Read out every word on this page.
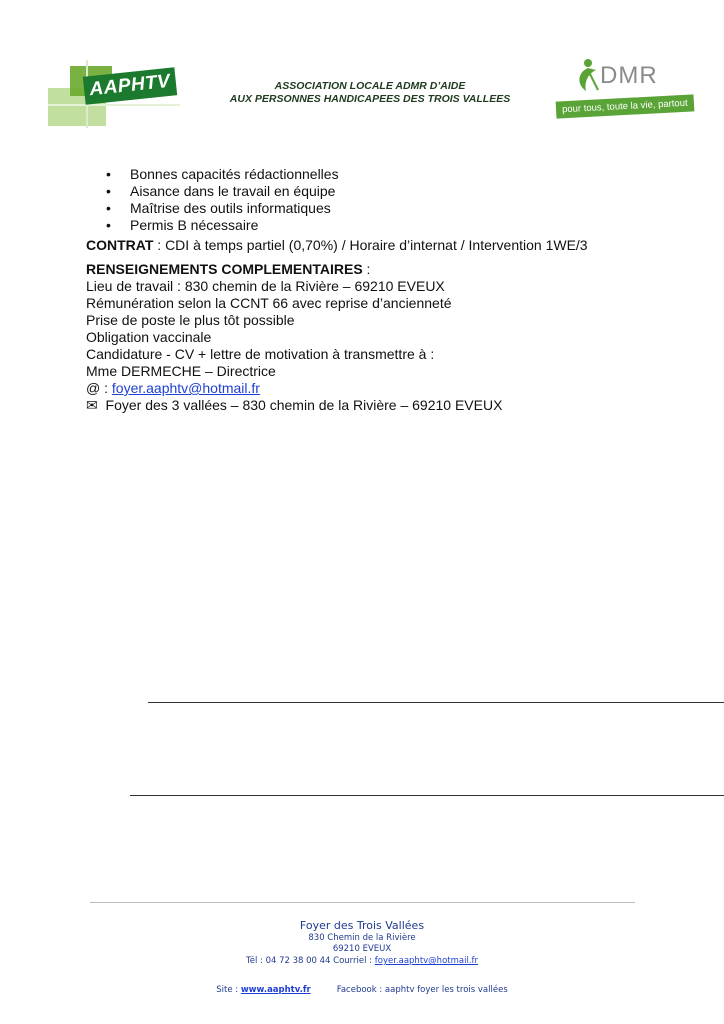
AAPHTV	ASSOCIATION LOCALE ADMR D’AIDE
AUX PERSONNES HANDICAPEES DES TROIS VALLEES
DMR
pour tous, toute la vie, partout
• Bonnes capacités rédactionnelles
• Aisance dans le travail en équipe
• Maîtrise des outils informatiques
• Permis B nécessaire
CONTRAT : CDI à temps partiel (0,70%) / Horaire d’internat / Intervention 1WE/3
RENSEIGNEMENTS COMPLEMENTAIRES :
Lieu de travail : 830 chemin de la Rivière – 69210 EVEUX
Rémunération selon la CCNT 66 avec reprise d’ancienneté
Prise de poste le plus tôt possible
Obligation vaccinale
Candidature - CV + lettre de motivation à transmettre à :
Mme DERMECHE – Directrice
@ : foyer.aaphtv@hotmail.fr
✉ Foyer des 3 vallées – 830 chemin de la Rivière – 69210 EVEUX
Foyer des Trois Vallées
830 Chemin de la Rivière
69210 EVEUX
Tél : 04 72 38 00 44 Courriel : foyer.aaphtv@hotmail.fr
Site : www.aaphtv.fr	Facebook : aaphtv foyer les trois vallées
